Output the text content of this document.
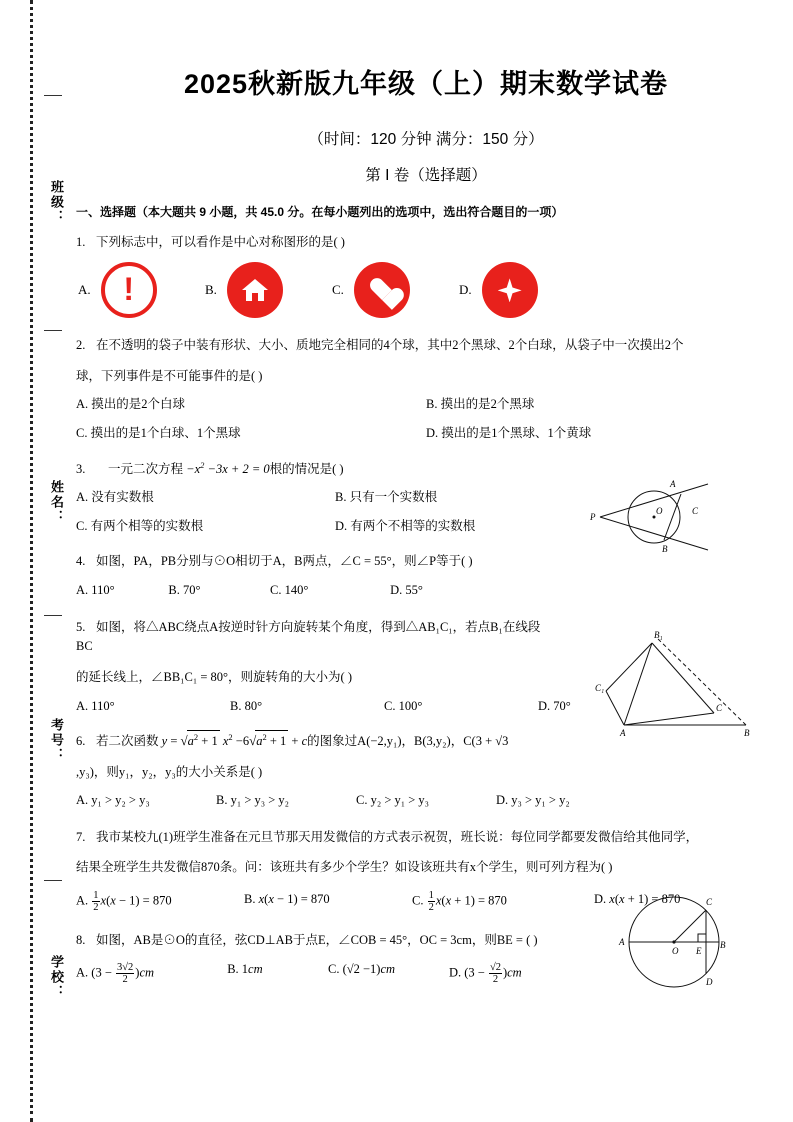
班级：
姓名：
考号：
学校：
2025秋新版九年级（上）期末数学试卷
（时间：120 分钟 满分：150 分）
第 I 卷（选择题）
一、选择题（本大题共 9 小题，共 45.0 分。在每小题列出的选项中，选出符合题目的一项）
1. 下列标志中，可以看作是中心对称图形的是( )
A. !	B.	C.	D.
2. 在不透明的袋子中装有形状、大小、质地完全相同的4个球，其中2个黑球、2个白球，从袋子中一次摸出2个
球，下列事件是不可能事件的是( )
A. 摸出的是2个白球	B. 摸出的是2个黑球
C. 摸出的是1个白球、1个黑球	D. 摸出的是1个黑球、1个黄球
3. 一元二次方程 $-x^2 -3x + 2 = 0$根的情况是( )
A. 没有实数根	B. 只有一个实数根
C. 有两个相等的实数根	D. 有两个不相等的实数根
A
O	C
P
B
4. 如图，PA，PB分别与⊙O相切于A，B两点，∠C = 55°，则∠P等于( )
A. 110°	B. 70°	C. 140°	D. 55°
B₁
C₁
C
A	B
5. 如图，将△ABC绕点A按逆时针方向旋转某个角度，得到△AB₁C₁，若点B₁在线段BC
的延长线上，∠BB₁C₁ = 80°，则旋转角的大小为( )
A. 110°	B. 80°	C. 100°	D. 70°
6. 若二次函数 $y = √a^2 + 1$ $x^2 -6√a^2 + 1 + c$的图象过A(−2,y₁)，B(3,y₂)，C(3 + √3
,y₃)，则y₁，y₂，y₃的大小关系是( )
A. y₁ > y₂ > y₃	B. y₁ > y₃ > y₂	C. y₂ > y₁ > y₃	D. y₃ > y₁ > y₂
7. 我市某校九(1)班学生准备在元旦节那天用发微信的方式表示祝贺，班长说：每位同学都要发微信给其他同学，
结果全班学生共发微信870条。问：该班共有多少个学生？如设该班共有x个学生，则可列方程为( )
A. $\frac{1}{2} x(x - 1) = 870$	B. x(x − 1) = 870	C. $\frac{1}{2} x(x + 1) = 870$	D. x(x + 1) = 870	C
A
O E
B
D
8. 如图，AB是⊙O的直径，弦CD⊥AB于点E，∠COB = 45°，OC = 3cm，则BE = ( )
A. $(3 - \frac{3√2}{2} )cm$	B. 1cm	C. (√2 −1)cm	D. $(3 - \frac{√2}{2} )cm$
